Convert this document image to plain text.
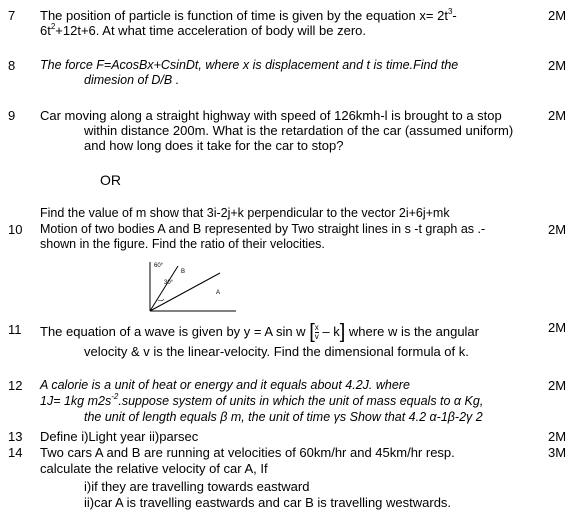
7 The position of particle is function of time is given by the equation $x= 2t^3-$
$6t^2+12t+6$. At what time acceleration of body will be zero.
2M
8 The force F=AcosBx+CsinDt, where x is displacement and t is time.Find the
dimesion of D/B .
2M
9 Car moving along a straight highway with speed of 126kmh-l is brought to a stop
within distance 200m. What is the retardation of the car (assumed uniform)
and how long does it take for the car to stop?
2M
OR
Find the value of m show that 3i-2j+k perpendicular to the vector 2i+6j+mk
10 Motion of two bodies A and B represented by Two straight lines in s -t graph as .-
shown in the figure. Find the ratio of their velocities.
2M
60°
30°
B
A
11 The equation of a wave is given by y = A sin w $[\frac{x}{v} - k]$ where w is the angular
velocity & v is the linear-velocity. Find the dimensional formula of k.
2M
12 A calorie is a unit of heat or energy and it equals about 4.2J. where
1J= 1kg $m2s^{-2}.suppose$ system of units in which the unit of mass equals to α Kg,
the unit of length equals β m, the unit of time γs Show that 4.2 α-1β-2γ 2
2M
13 Define i)Light year ii)parsec	2M
14 Two cars A and B are running at velocities of 60km/hr and 45km/hr resp.
calculate the relative velocity of car A, If
i)if they are travelling towards eastward
ii)car A is travelling eastwards and car B is travelling westwards.
3M
